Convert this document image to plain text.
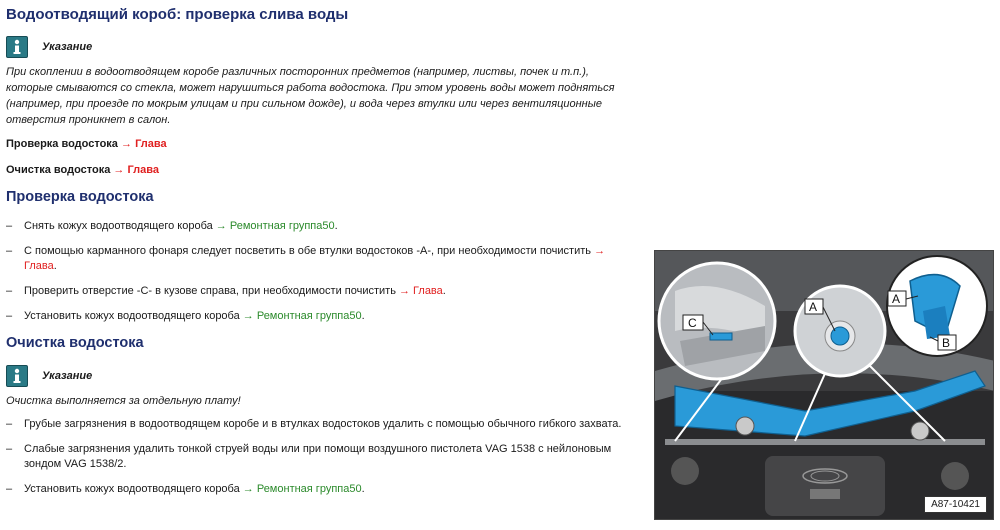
Водоотводящий короб: проверка слива воды
Указание

При скоплении в водоотводящем коробе различных посторонних предметов (например, листвы, почек и т.п.), которые смываются со стекла, может нарушиться работа водостока. При этом уровень воды может подняться (например, при проезде по мокрым улицам и при сильном дожде), и вода через втулки или через вентиляционные отверстия проникнет в салон.

Проверка водостока → Глава
Очистка водостока → Глава
Проверка водостока
–	Снять кожух водоотводящего короба → Ремонтная группа50.
–	С помощью карманного фонаря следует посветить в обе втулки водостоков -A-, при необходимости почистить → Глава.
–	Проверить отверстие -C- в кузове справа, при необходимости почистить → Глава.
–	Установить кожух водоотводящего короба → Ремонтная группа50.
Очистка водостока
Указание

Очистка выполняется за отдельную плату!

–	Грубые загрязнения в водоотводящем коробе и в втулках водостоков удалить с помощью обычного гибкого захвата.
–	Слабые загрязнения удалить тонкой струей воды или при помощи воздушного пистолета VAG 1538 с нейлоновым зондом VAG 1538/2.
–	Установить кожух водоотводящего короба → Ремонтная группа50.
C
A
A
B
A87-10421
